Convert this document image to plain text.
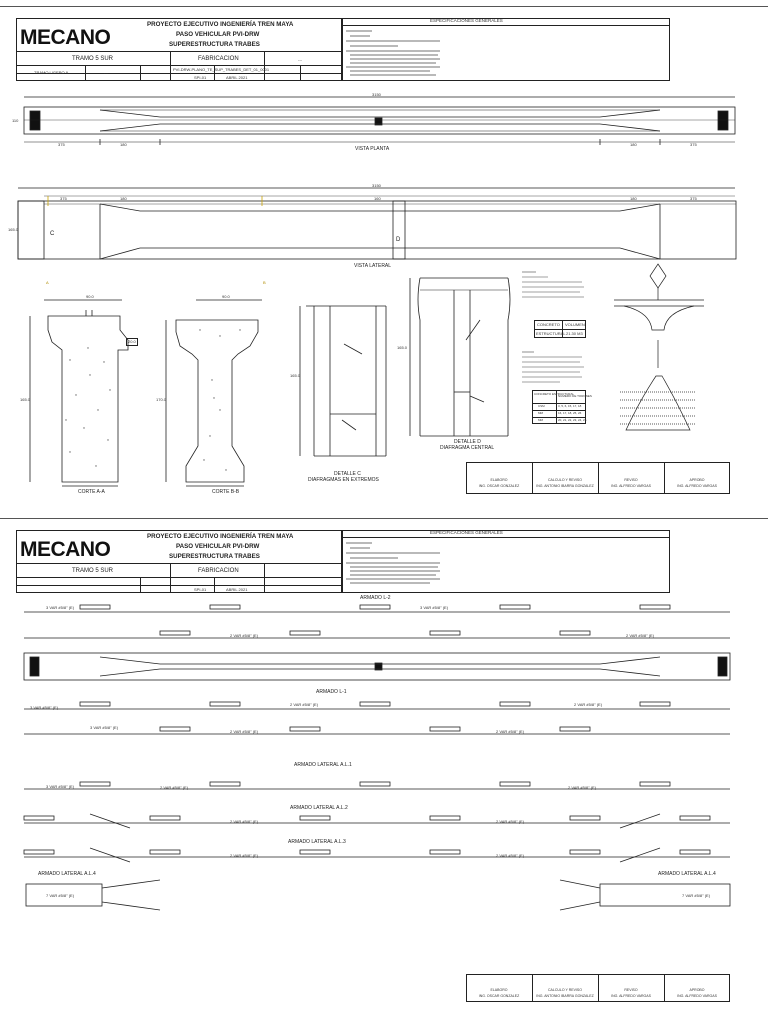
MECANO
PROYECTO EJECUTIVO INGENIERÍA TREN MAYA
PASO VEHICULAR PVI-DRW
SUPERESTRUCTURA TRABES
TRAMO 5 SUR	FABRICACION	---
TRAMO LIGERO 9	---
PVI-DRW-PLANO_TE_SUP_TRABES_DET_01_0001
SPI-01	ABRIL 2021
ESPECIFICACIONES GENERALES
3150
375	180	180	375
110
VISTA PLANTA
3150
375	180	160	180	375
165.0
C
D
VISTA LATERAL
A	B
90.0
165.0
20.0
CORTE A-A
90.0
170.0
CORTE B-B
165.0
DETALLE C
DIAFRAGMAS EN EXTREMOS
165.0
DETALLE D
DIAFRAGMA CENTRAL
CONCRETO VOLUMEN
ESTRUCTURAL 21.30 M3
CONCRETO ESTRUCTURAL
NUMERO DE TORONES
CSM	3, 5, 6, 15, 17, 18
MM	16, 17, 18, 25, 26
MM	20, 21, 22, 23, 24, 25
ELABORO	CALCULO Y REVISO	REVISO	APROBO
ING. OSCAR GONZALEZ	ING. ANTONIO IBARRA GONZALEZ	ING. ALFREDO VARGAS	ING. ALFREDO VARGAS
MECANO
PROYECTO EJECUTIVO INGENIERÍA TREN MAYA
PASO VEHICULAR PVI-DRW
SUPERESTRUCTURA TRABES
TRAMO 5 SUR	FABRICACION
SPI-01	ABRIL 2021
ESPECIFICACIONES GENERALES
ARMADO L-2
3 VAR #5/8" (E)	3 VAR #5/8" (E)
2 VAR #5/8" (E)	2 VAR #5/8" (E)
ARMADO L-1
3 VAR #5/8" (E)
2 VAR #5/8" (E)	2 VAR #5/8" (E)
3 VAR #5/8" (E)
2 VAR #5/8" (E)	2 VAR #5/8" (E)
ARMADO LATERAL A.L.1
3 VAR #5/8" (E)	2 VAR #5/8" (E)	2 VAR #5/8" (E)
ARMADO LATERAL A.L.2
2 VAR #5/8" (E)	2 VAR #5/8" (E)
ARMADO LATERAL A.L.3
2 VAR #5/8" (E)	2 VAR #5/8" (E)
ARMADO LATERAL A.L.4	ARMADO LATERAL A.L.4
7 VAR #5/8" (E)	7 VAR #5/8" (E)
ELABORO	CALCULO Y REVISO	REVISO	APROBO
ING. OSCAR GONZALEZ	ING. ANTONIO IBARRA GONZALEZ	ING. ALFREDO VARGAS	ING. ALFREDO VARGAS
